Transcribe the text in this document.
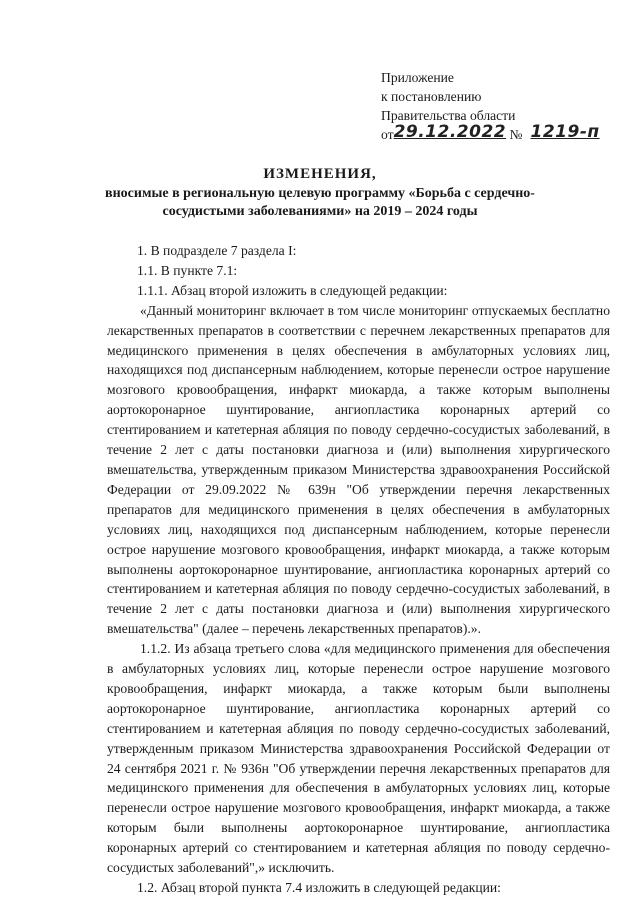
Приложение
к постановлению
Правительства области
от29.12.2022 № 1219-п
ИЗМЕНЕНИЯ,
вносимые в региональную целевую программу «Борьба с сердечно-сосудистыми заболеваниями» на 2019 – 2024 годы
1. В подразделе 7 раздела I:
1.1. В пункте 7.1:
1.1.1. Абзац второй изложить в следующей редакции:
«Данный мониторинг включает в том числе мониторинг отпускаемых бесплатно лекарственных препаратов в соответствии с перечнем лекарственных препаратов для медицинского применения в целях обеспечения в амбулаторных условиях лиц, находящихся под диспансерным наблюдением, которые перенесли острое нарушение мозгового кровообращения, инфаркт миокарда, а также которым выполнены аортокоронарное шунтирование, ангиопластика коронарных артерий со стентированием и катетерная абляция по поводу сердечно-сосудистых заболеваний, в течение 2 лет с даты постановки диагноза и (или) выполнения хирургического вмешательства, утвержденным приказом Министерства здравоохранения Российской Федерации от 29.09.2022 № 639н "Об утверждении перечня лекарственных препаратов для медицинского применения в целях обеспечения в амбулаторных условиях лиц, находящихся под диспансерным наблюдением, которые перенесли острое нарушение мозгового кровообращения, инфаркт миокарда, а также которым выполнены аортокоронарное шунтирование, ангиопластика коронарных артерий со стентированием и катетерная абляция по поводу сердечно-сосудистых заболеваний, в течение 2 лет с даты постановки диагноза и (или) выполнения хирургического вмешательства" (далее – перечень лекарственных препаратов).».
1.1.2. Из абзаца третьего слова «для медицинского применения для обеспечения в амбулаторных условиях лиц, которые перенесли острое нарушение мозгового кровообращения, инфаркт миокарда, а также которым были выполнены аортокоронарное шунтирование, ангиопластика коронарных артерий со стентированием и катетерная абляция по поводу сердечно-сосудистых заболеваний, утвержденным приказом Министерства здравоохранения Российской Федерации от 24 сентября 2021 г. № 936н "Об утверждении перечня лекарственных препаратов для медицинского применения для обеспечения в амбулаторных условиях лиц, которые перенесли острое нарушение мозгового кровообращения, инфаркт миокарда, а также которым были выполнены аортокоронарное шунтирование, ангиопластика коронарных артерий со стентированием и катетерная абляция по поводу сердечно-сосудистых заболеваний",» исключить.
1.2. Абзац второй пункта 7.4 изложить в следующей редакции:
